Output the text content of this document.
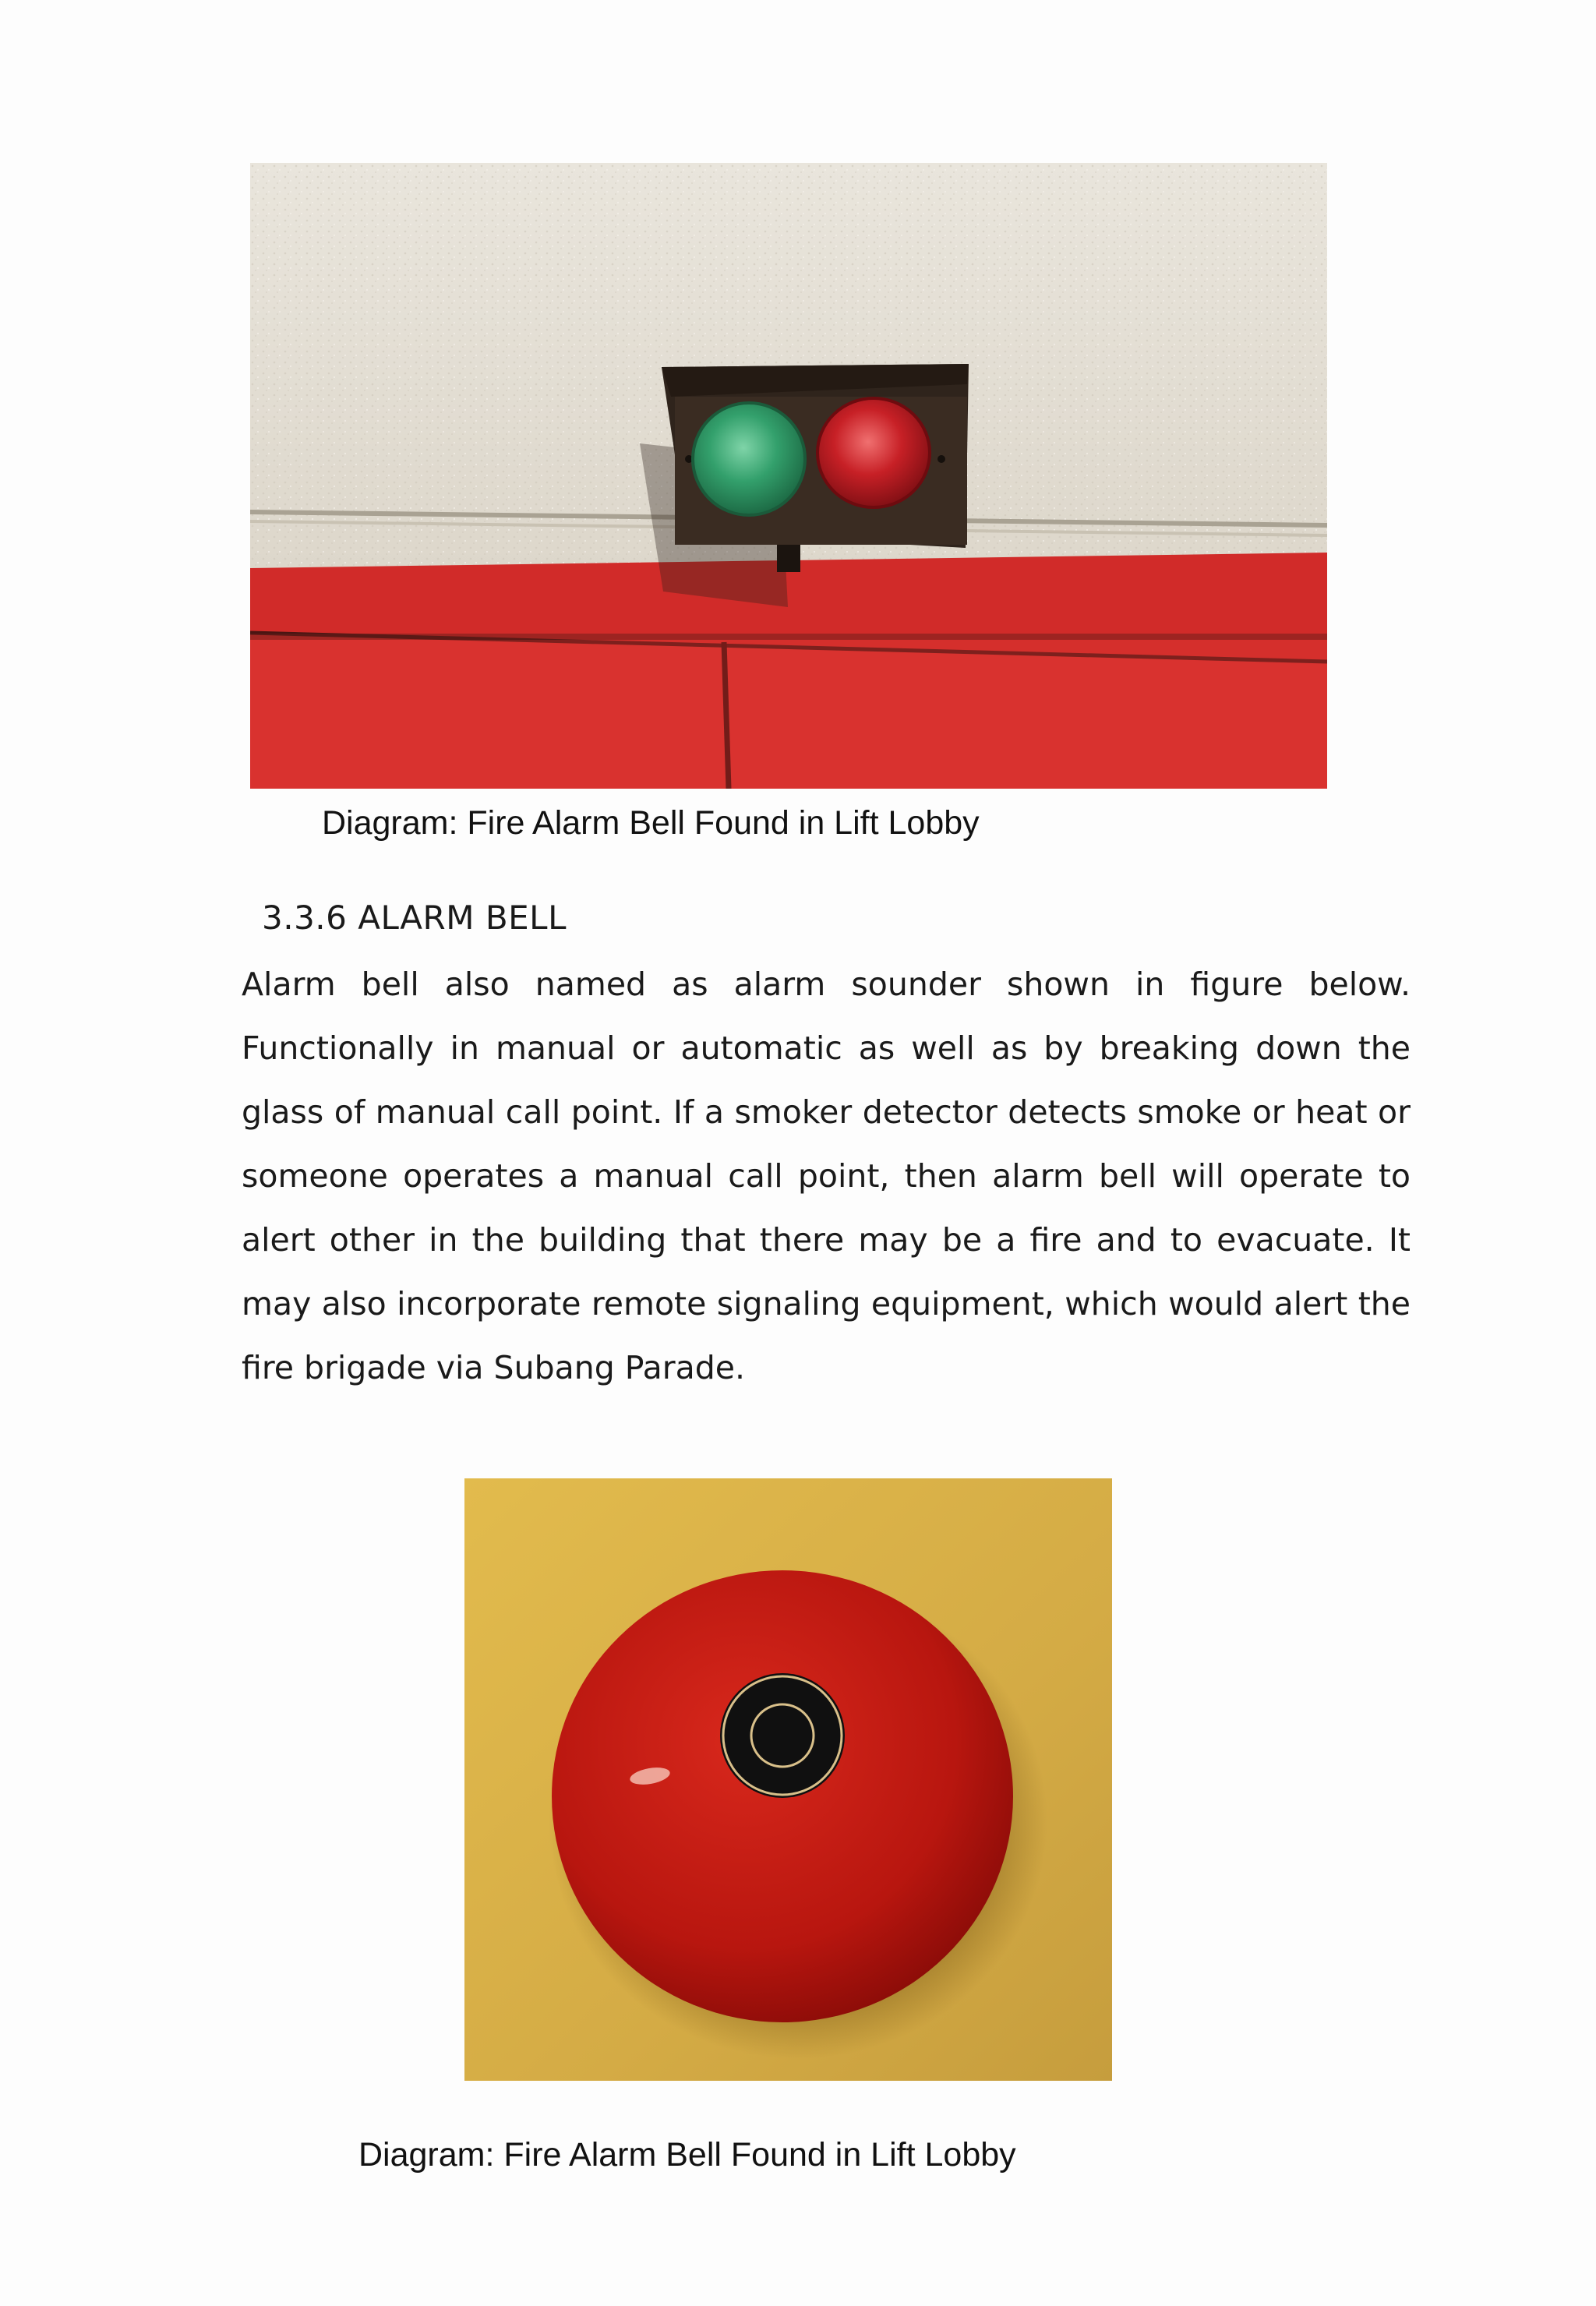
Diagram: Fire Alarm Bell Found in Lift Lobby
3.3.6 ALARM BELL

Alarm bell also named as alarm sounder shown in figure below. Functionally in manual or automatic as well as by breaking down the glass of manual call point. If a smoker detector detects smoke or heat or someone operates a manual call point, then alarm bell will operate to alert other in the building that there may be a fire and to evacuate. It may also incorporate remote signaling equipment, which would alert the fire brigade via Subang Parade.

Diagram: Fire Alarm Bell Found in Lift Lobby
